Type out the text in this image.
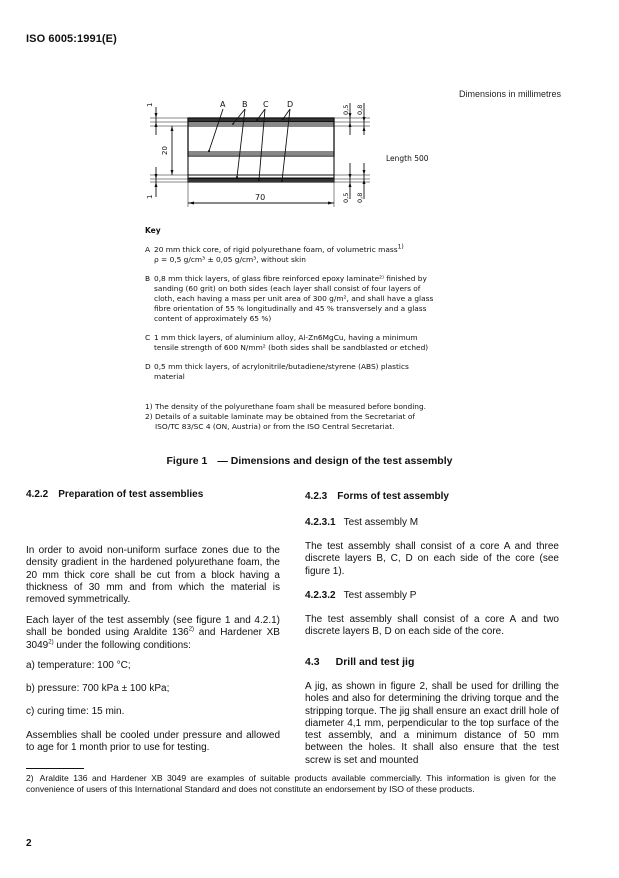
ISO 6005:1991(E)
Dimensions in millimetres
A B C D
70
Length 500
20
1
1
0,5 0,8
0,5 0,8
Key
A 20 mm thick core, of rigid polyurethane foam, of volumetric mass$^{1)}$
ρ = 0,5 g/cm³ ± 0,05 g/cm³, without skin
B 0,8 mm thick layers, of glass fibre reinforced epoxy laminate²⁾ finished by sanding (60 grit) on both sides (each layer shall consist of four layers of cloth, each having a mass per unit area of 300 g/m², and shall have a glass fibre orientation of 55 % longitudinally and 45 % transversely and a glass content of approximately 65 %)
C 1 mm thick layers, of aluminium alloy, Al-Zn6MgCu, having a minimum tensile strength of 600 N/mm² (both sides shall be sandblasted or etched)
D 0,5 mm thick layers, of acrylonitrile/butadiene/styrene (ABS) plastics material
1) The density of the polyurethane foam shall be measured before bonding.
2) Details of a suitable laminate may be obtained from the Secretariat of ISO/TC 83/SC 4 (ON, Austria) or from the ISO Central Secretariat.
Figure 1 — Dimensions and design of the test assembly
4.2.2 Preparation of test assemblies
In order to avoid non-uniform surface zones due to the density gradient in the hardened polyurethane foam, the 20 mm thick core shall be cut from a block having a thickness of 30 mm and from which the material is removed symmetrically.
Each layer of the test assembly (see figure 1 and 4.2.1) shall be bonded using Araldite 136$^{2)}$ and Hardener XB 3049$^{2)}$ under the following conditions:
a) temperature: 100 °C;
b) pressure: 700 kPa ± 100 kPa;
c) curing time: 15 min.
Assemblies shall be cooled under pressure and allowed to age for 1 month prior to use for testing.
4.2.3 Forms of test assembly
4.2.3.1 Test assembly M
The test assembly shall consist of a core A and three discrete layers B, C, D on each side of the core (see figure 1).
4.2.3.2 Test assembly P
The test assembly shall consist of a core A and two discrete layers B, D on each side of the core.
4.3 Drill and test jig
A jig, as shown in figure 2, shall be used for drilling the holes and also for determining the driving torque and the stripping torque. The jig shall ensure an exact drill hole of diameter 4,1 mm, perpendicular to the top surface of the test assembly, and a minimum distance of 50 mm between the holes. It shall also ensure that the test screw is set and mounted
2) Araldite 136 and Hardener XB 3049 are examples of suitable products available commercially. This information is given for the convenience of users of this International Standard and does not constitute an endorsement by ISO of these products.
2
